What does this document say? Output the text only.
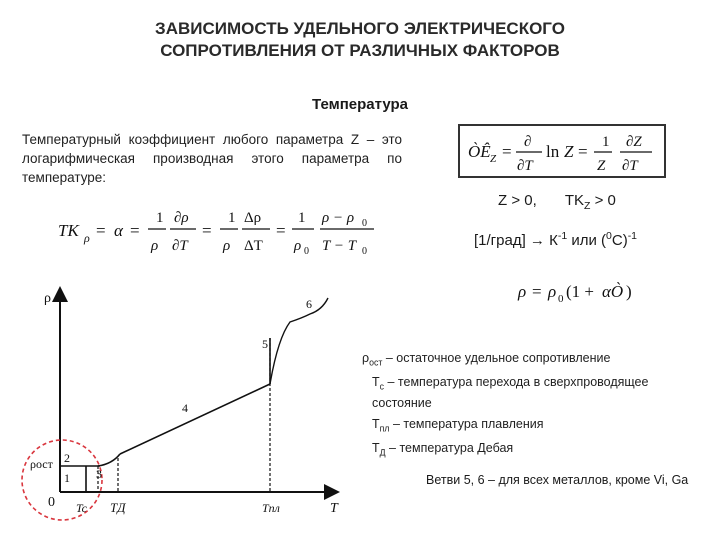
ЗАВИСИМОСТЬ УДЕЛЬНОГО ЭЛЕКТРИЧЕСКОГО
СОПРОТИВЛЕНИЯ ОТ РАЗЛИЧНЫХ ФАКТОРОВ
Температура
Температурный коэффициент любого параметра Z – это логарифмическая производная этого параметра по температуре:
ÒÊ Z = ∂
∂T
ln Z = 1
Z
∂Z
∂T
TK ρ = α =
1
ρ
∂ρ
∂T
=
1
ρ
Δρ
ΔT
=
1
ρ 0
ρ − ρ 0
T − T 0
Z > 0, $TK_Z > 0$
[1/град] → $К^{-1}$ или $(^0С)^{-1}$
ρ = ρ 0 (1 + αÒ )
$\rho_{ост}$ – остаточное удельное сопротивление
$T_c$ – температура перехода в сверхпроводящее состояние
$T_{пл}$ – температура плавления
$T_Д$ – температура Дебая
Ветви 5, 6 – для всех металлов, кроме Vi, Ga
ρ
T
0
ρост
Tc TД	Tпл
1
2
3
4
5
6
